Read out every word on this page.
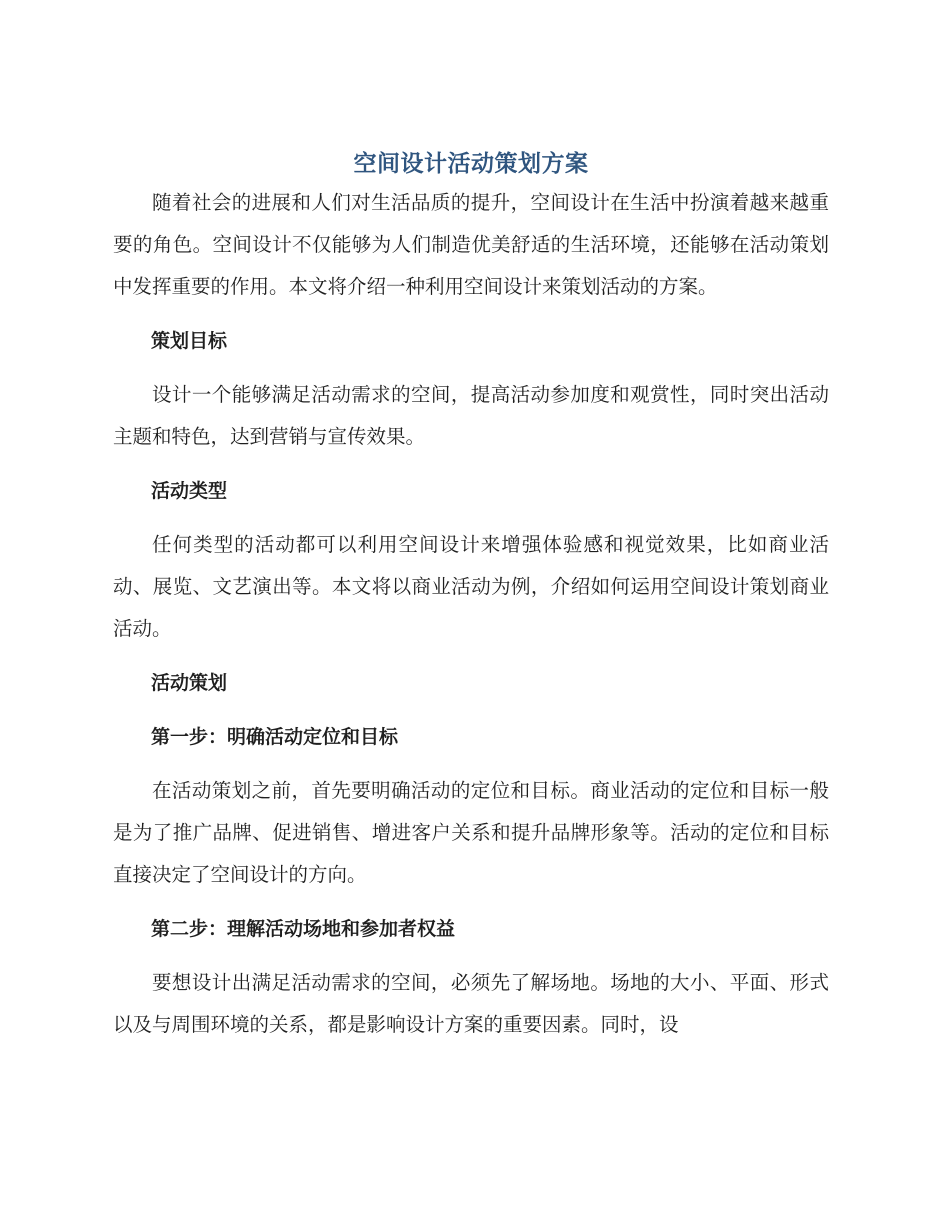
空间设计活动策划方案

随着社会的进展和人们对生活品质的提升，空间设计在生活中扮演着越来越重要的角色。空间设计不仅能够为人们制造优美舒适的生活环境，还能够在活动策划中发挥重要的作用。本文将介绍一种利用空间设计来策划活动的方案。

策划目标

设计一个能够满足活动需求的空间，提高活动参加度和观赏性，同时突出活动主题和特色，达到营销与宣传效果。

活动类型

任何类型的活动都可以利用空间设计来增强体验感和视觉效果，比如商业活动、展览、文艺演出等。本文将以商业活动为例，介绍如何运用空间设计策划商业活动。

活动策划
第一步：明确活动定位和目标

在活动策划之前，首先要明确活动的定位和目标。商业活动的定位和目标一般是为了推广品牌、促进销售、增进客户关系和提升品牌形象等。活动的定位和目标直接决定了空间设计的方向。

第二步：理解活动场地和参加者权益

要想设计出满足活动需求的空间，必须先了解场地。场地的大小、平面、形式以及与周围环境的关系，都是影响设计方案的重要因素。同时，设
